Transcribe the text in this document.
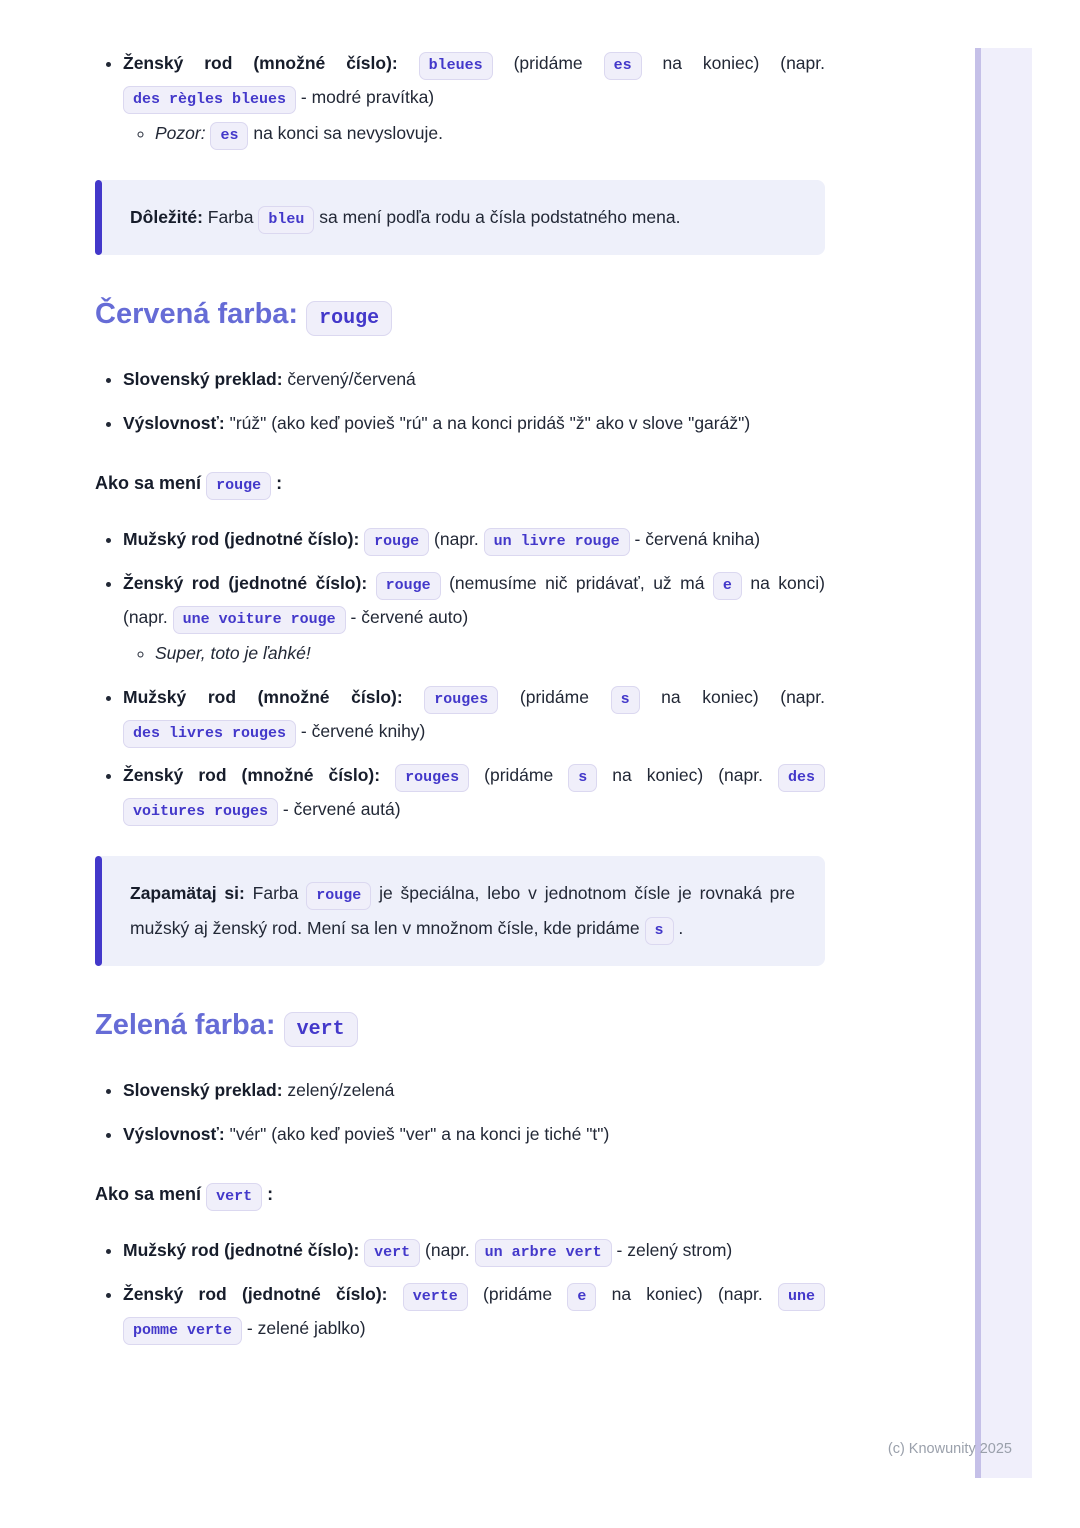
• Ženský rod (množné číslo): bleues (pridáme es na koniec) (napr. des règles bleues - modré pravítka)
◦ Pozor: es na konci sa nevyslovuje.

Dôležité: Farba bleu sa mení podľa rodu a čísla podstatného mena.

Červená farba: rouge
• Slovenský preklad: červený/červená
• Výslovnosť: "rúž" (ako keď povieš "rú" a na konci pridáš "ž" ako v slove "garáž")

Ako sa mení rouge :

• Mužský rod (jednotné číslo): rouge (napr. un livre rouge - červená kniha)
• Ženský rod (jednotné číslo): rouge (nemusíme nič pridávať, už má e na konci) (napr. une voiture rouge - červené auto)
◦ Super, toto je ľahké!
• Mužský rod (množné číslo): rouges (pridáme s na koniec) (napr. des livres rouges - červené knihy)
• Ženský rod (množné číslo): rouges (pridáme s na koniec) (napr. des voitures rouges - červené autá)

Zapamätaj si: Farba rouge je špeciálna, lebo v jednotnom čísle je rovnaká pre mužský aj ženský rod. Mení sa len v množnom čísle, kde pridáme s .

Zelená farba: vert
• Slovenský preklad: zelený/zelená
• Výslovnosť: "vér" (ako keď povieš "ver" a na konci je tiché "t")

Ako sa mení vert :

• Mužský rod (jednotné číslo): vert (napr. un arbre vert - zelený strom)
• Ženský rod (jednotné číslo): verte (pridáme e na koniec) (napr. une pomme verte - zelené jablko)
(c) Knowunity 2025
